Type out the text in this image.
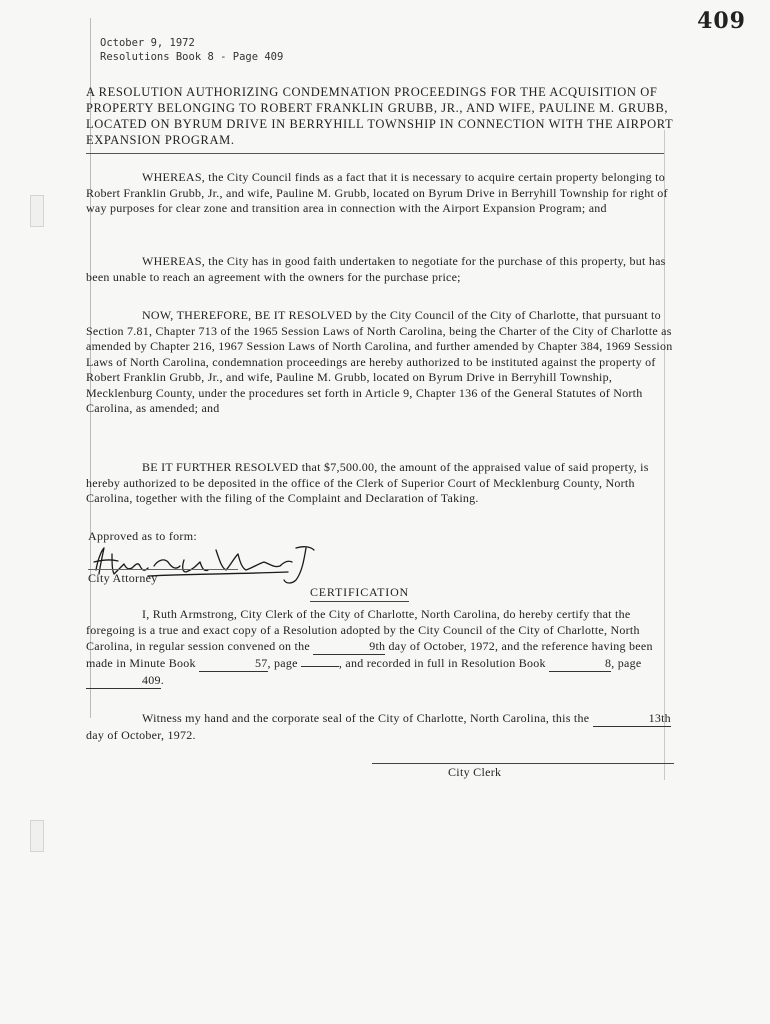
409
October 9, 1972
Resolutions Book 8 - Page 409
A RESOLUTION AUTHORIZING CONDEMNATION PROCEEDINGS FOR THE ACQUISITION OF PROPERTY BELONGING TO ROBERT FRANKLIN GRUBB, JR., AND WIFE, PAULINE M. GRUBB, LOCATED ON BYRUM DRIVE IN BERRYHILL TOWNSHIP IN CONNECTION WITH THE AIRPORT EXPANSION PROGRAM.

WHEREAS, the City Council finds as a fact that it is necessary to acquire certain property belonging to Robert Franklin Grubb, Jr., and wife, Pauline M. Grubb, located on Byrum Drive in Berryhill Township for right of way purposes for clear zone and transition area in connection with the Airport Expansion Program; and

WHEREAS, the City has in good faith undertaken to negotiate for the purchase of this property, but has been unable to reach an agreement with the owners for the purchase price;

NOW, THEREFORE, BE IT RESOLVED by the City Council of the City of Charlotte, that pursuant to Section 7.81, Chapter 713 of the 1965 Session Laws of North Carolina, being the Charter of the City of Charlotte as amended by Chapter 216, 1967 Session Laws of North Carolina, and further amended by Chapter 384, 1969 Session Laws of North Carolina, condemnation proceedings are hereby authorized to be instituted against the property of Robert Franklin Grubb, Jr., and wife, Pauline M. Grubb, located on Byrum Drive in Berryhill Township, Mecklenburg County, under the procedures set forth in Article 9, Chapter 136 of the General Statutes of North Carolina, as amended; and

BE IT FURTHER RESOLVED that $7,500.00, the amount of the appraised value of said property, is hereby authorized to be deposited in the office of the Clerk of Superior Court of Mecklenburg County, North Carolina, together with the filing of the Complaint and Declaration of Taking.

Approved as to form:
City Attorney
CERTIFICATION

I, Ruth Armstrong, City Clerk of the City of Charlotte, North Carolina, do hereby certify that the foregoing is a true and exact copy of a Resolution adopted by the City Council of the City of Charlotte, North Carolina, in regular session convened on the	9th day of October, 1972, and the reference having been made in Minute Book	57, page	, and recorded in full in Resolution Book	8, page 409.

Witness my hand and the corporate seal of the City of Charlotte, North Carolina, this the	13th day of October, 1972.

City Clerk
